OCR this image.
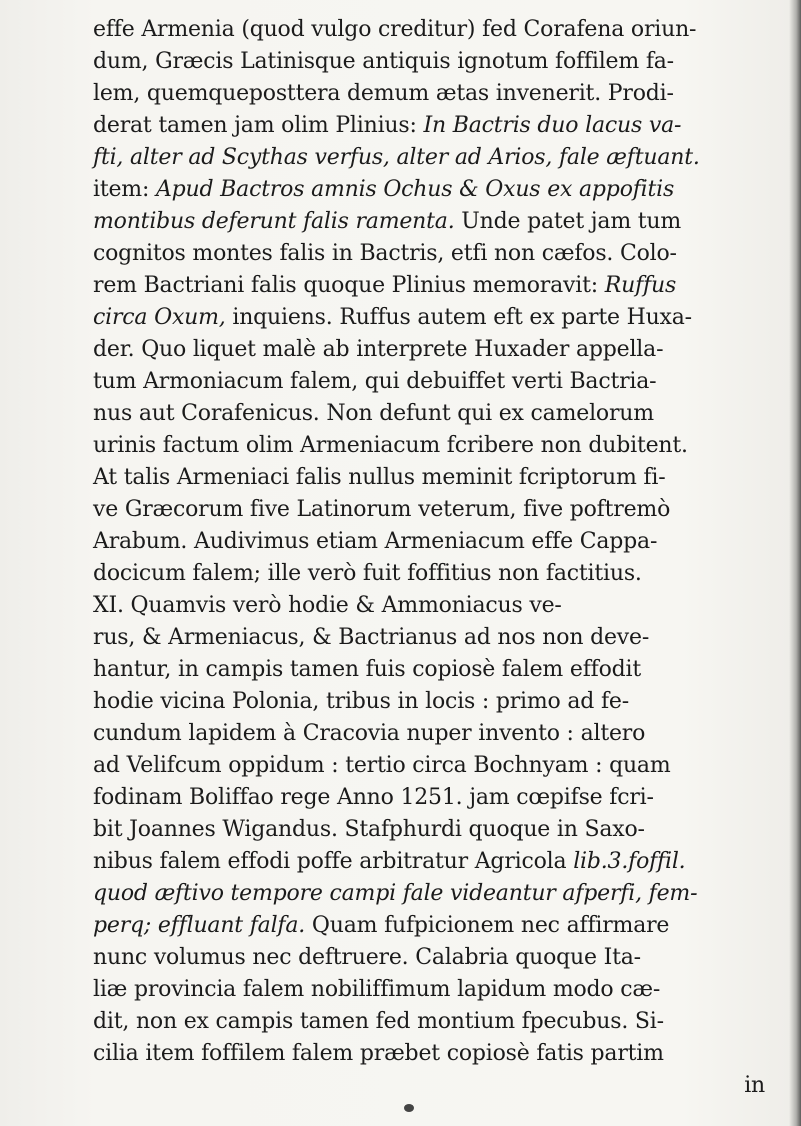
effe Armenia (quod vulgo creditur) fed Corafena oriun-
dum, Græcis Latinisque antiquis ignotum foffilem fa-
lem, quemqueposttera demum ætas invenerit. Prodi-
derat tamen jam olim Plinius: In Bactris duo lacus va-
fti, alter ad Scythas verfus, alter ad Arios, fale æftuant.
item: Apud Bactros amnis Ochus & Oxus ex appofitis
montibus deferunt falis ramenta. Unde patet jam tum
cognitos montes falis in Bactris, etfi non cæfos. Colo-
rem Bactriani falis quoque Plinius memoravit: Ruffus
circa Oxum, inquiens. Ruffus autem eft ex parte Huxa-
der. Quo liquet malè ab interprete Huxader appella-
tum Armoniacum falem, qui debuiffet verti Bactria-
nus aut Corafenicus. Non defunt qui ex camelorum
urinis factum olim Armeniacum fcribere non dubitent.
At talis Armeniaci falis nullus meminit fcriptorum fi-
ve Græcorum five Latinorum veterum, five poftremò
Arabum. Audivimus etiam Armeniacum effe Cappa-
docicum falem; ille verò fuit foffitius non factitius.
XI. Quamvis verò hodie & Ammoniacus ve-
rus, & Armeniacus, & Bactrianus ad nos non deve-
hantur, in campis tamen fuis copiosè falem effodit
hodie vicina Polonia, tribus in locis : primo ad fe-
cundum lapidem à Cracovia nuper invento : altero
ad Velifcum oppidum : tertio circa Bochnyam : quam
fodinam Boliffao rege Anno 1251. jam cœpifse fcri-
bit Joannes Wigandus. Stafphurdi quoque in Saxo-
nibus falem effodi poffe arbitratur Agricola lib.3.foffil.
quod æftivo tempore campi fale videantur afperfi, fem-
perq; effluant falfa. Quam fufpicionem nec affirmare
nunc volumus nec deftruere. Calabria quoque Ita-
liæ provincia falem nobiliffimum lapidum modo cæ-
dit, non ex campis tamen fed montium fpecubus. Si-
cilia item foffilem falem præbet copiosè fatis partim
in
